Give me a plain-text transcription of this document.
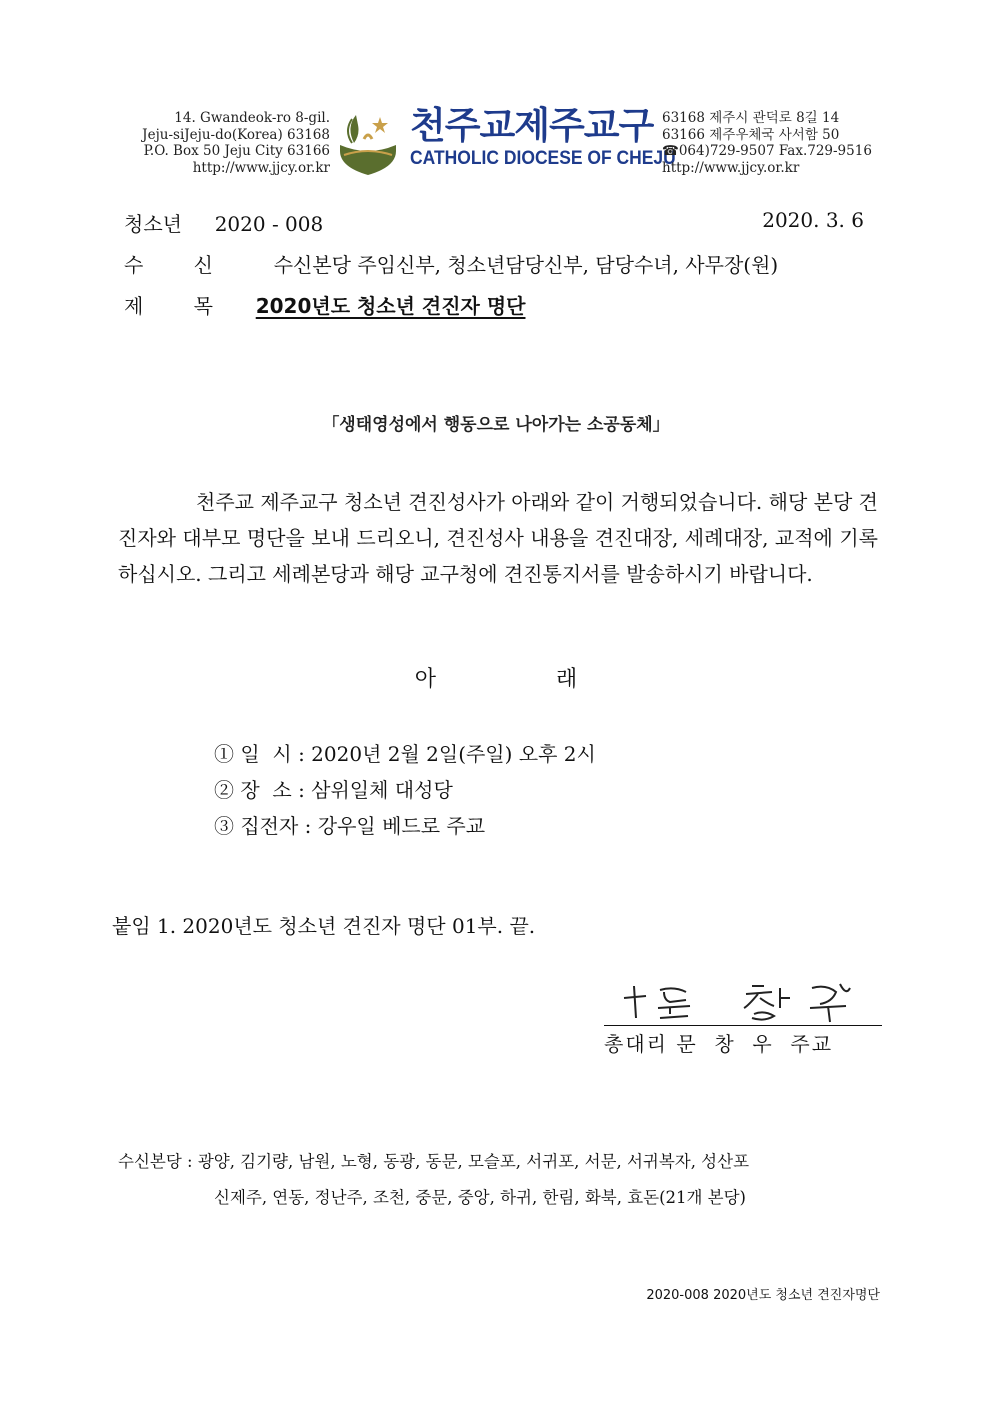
14. Gwandeok-ro 8-gil.
Jeju-siJeju-do(Korea) 63168
P.O. Box 50 Jeju City 63166
http://www.jjcy.or.kr
천주교제주교구
CATHOLIC DIOCESE OF CHEJU
63168 제주시 관덕로 8길 14
63166 제주우체국 사서함 50
☎064)729-9507 Fax.729-9516
http://www.jjcy.or.kr
청소년 2020 - 008	2020. 3. 6
수 신 수신본당 주임신부, 청소년담당신부, 담당수녀, 사무장(원)
제 목 2020년도 청소년 견진자 명단
「생태영성에서 행동으로 나아가는 소공동체」
천주교 제주교구 청소년 견진성사가 아래와 같이 거행되었습니다. 해당 본당 견진자와 대부모 명단을 보내 드리오니, 견진성사 내용을 견진대장, 세례대장, 교적에 기록하십시오. 그리고 세례본당과 해당 교구청에 견진통지서를 발송하시기 바랍니다.
아	래
① 일  시 : 2020년 2월 2일(주일) 오후 2시
② 장  소 : 삼위일체 대성당
③ 집전자 : 강우일 베드로 주교
붙임 1. 2020년도 청소년 견진자 명단 01부. 끝.
총대리 문  창  우  주교
수신본당 : 광양, 김기량, 남원, 노형, 동광, 동문, 모슬포, 서귀포, 서문, 서귀복자, 성산포
신제주, 연동, 정난주, 조천, 중문, 중앙, 하귀, 한림, 화북, 효돈(21개 본당)
2020-008 2020년도 청소년 견진자명단
